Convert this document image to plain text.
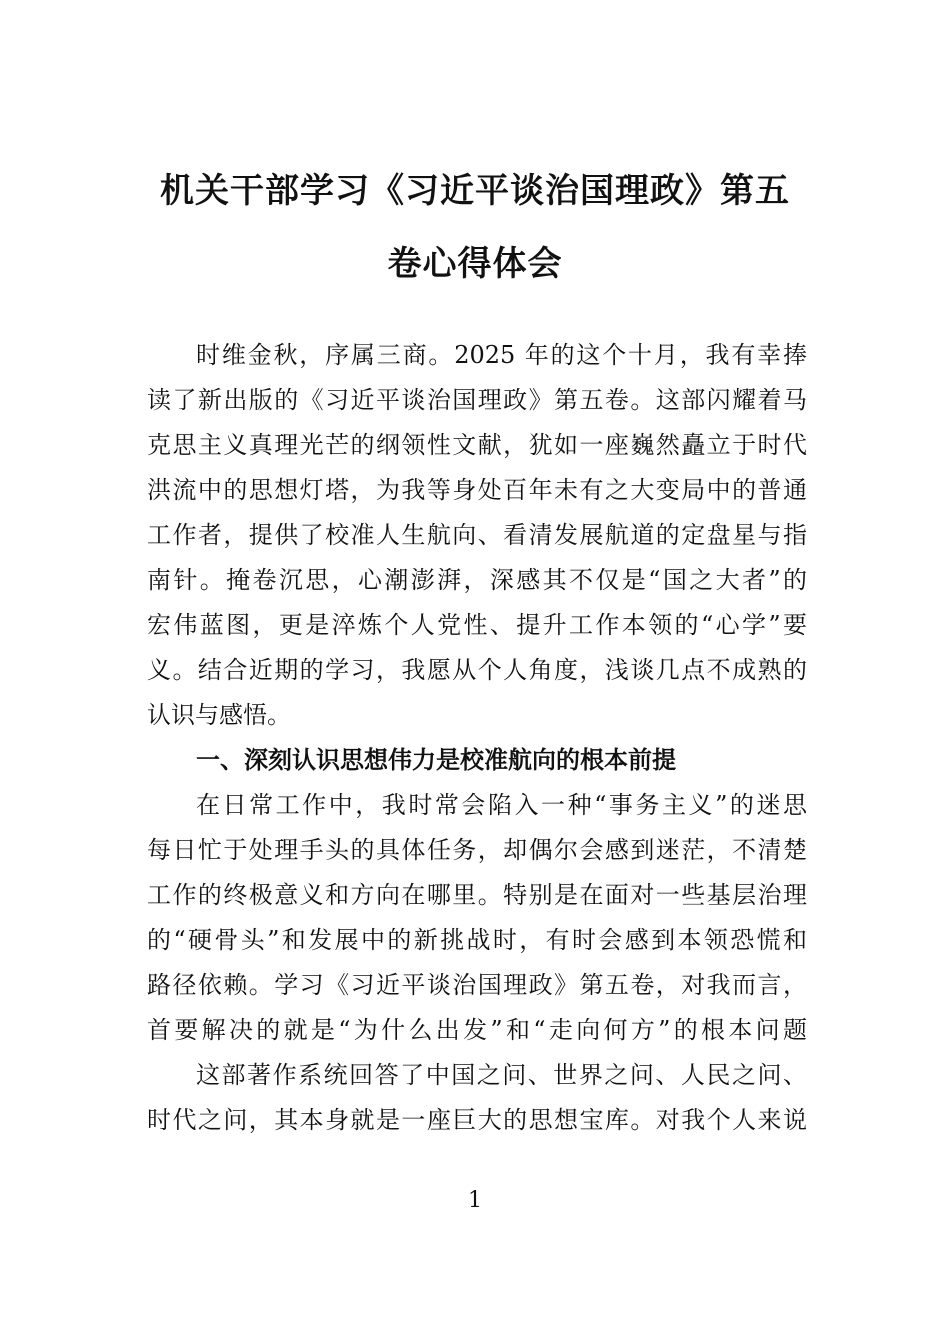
机关干部学习《习近平谈治国理政》第五
卷心得体会
时维金秋，序属三商。2025 年的这个十月，我有幸捧
读了新出版的《习近平谈治国理政》第五卷。这部闪耀着马
克思主义真理光芒的纲领性文献，犹如一座巍然矗立于时代
洪流中的思想灯塔，为我等身处百年未有之大变局中的普通
工作者，提供了校准人生航向、看清发展航道的定盘星与指
南针。掩卷沉思，心潮澎湃，深感其不仅是“国之大者”的
宏伟蓝图，更是淬炼个人党性、提升工作本领的“心学”要
义。结合近期的学习，我愿从个人角度，浅谈几点不成熟的
认识与感悟。
一、深刻认识思想伟力是校准航向的根本前提
在日常工作中，我时常会陷入一种“事务主义”的迷思
每日忙于处理手头的具体任务，却偶尔会感到迷茫，不清楚
工作的终极意义和方向在哪里。特别是在面对一些基层治理
的“硬骨头”和发展中的新挑战时，有时会感到本领恐慌和
路径依赖。学习《习近平谈治国理政》第五卷，对我而言，
首要解决的就是“为什么出发”和“走向何方”的根本问题
这部著作系统回答了中国之问、世界之问、人民之问、
时代之问，其本身就是一座巨大的思想宝库。对我个人来说
1
